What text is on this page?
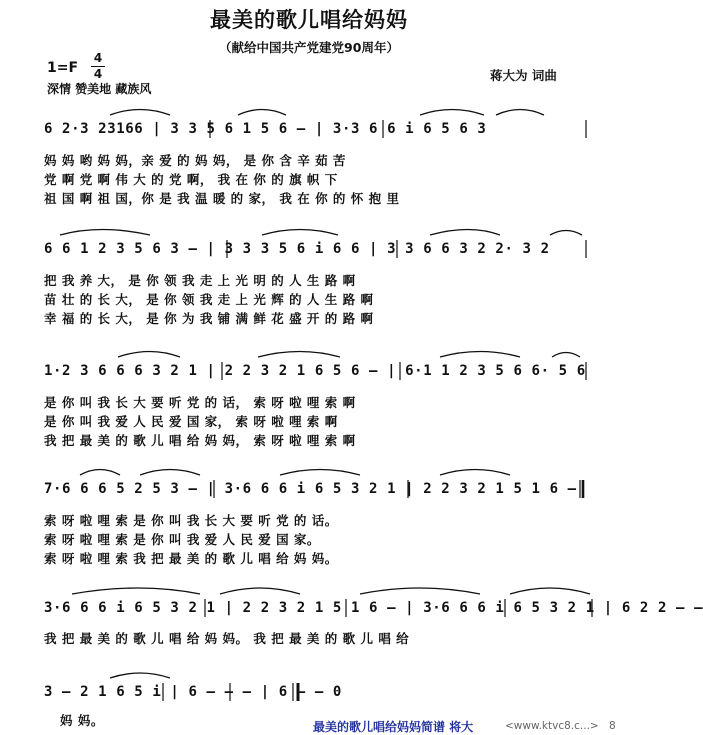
最美的歌儿唱给妈妈
（献给中国共产党建党90周年）
1=F
4
4	蒋大为 词曲
深情 赞美地 藏族风
6 2·3 23166 | 3 3 5 6 1 5 6 – | 3·3 6 6 i 6 5 6 3
妈 妈 哟 妈 妈，亲 爱 的 妈 妈， 是 你 含 辛 茹 苦
党 啊 党 啊 伟 大 的 党 啊， 我 在 你 的 旗 帜 下
祖 国 啊 祖 国，你 是 我 温 暖 的 家， 我 在 你 的 怀 抱 里
6 6 1 2 3 5 6 3 – | 3 3 3 5 6 i 6 6 | 3 3 6 6 3 2 2· 3 2
把 我 养 大， 是 你 领 我 走 上 光 明 的 人 生 路 啊
苗 壮 的 长 大， 是 你 领 我 走 上 光 辉 的 人 生 路 啊
幸 福 的 长 大， 是 你 为 我 铺 满 鲜 花 盛 开 的 路 啊
1·2 3 6 6 6 3 2 1 | 2 2 3 2 1 6 5 6 – | 6·1 1 2 3 5 6 6· 5 6
是 你 叫 我 长 大 要 听 党 的 话， 索 呀 啦 哩 索 啊
是 你 叫 我 爱 人 民 爱 国 家， 索 呀 啦 哩 索 啊
我 把 最 美 的 歌 儿 唱 给 妈 妈， 索 呀 啦 哩 索 啊
7·6 6 6 5 2 5 3 – | 3·6 6 6 i 6 5 3 2 1 | 2 2 3 2 1 5 1 6 –
索 呀 啦 哩 索 是 你 叫 我 长 大 要 听 党 的 话。
索 呀 啦 哩 索 是 你 叫 我 爱 人 民 爱 国 家。
索 呀 啦 哩 索 我 把 最 美 的 歌 儿 唱 给 妈 妈。
3·6 6 6 i 6 5 3 2 1 | 2 2 3 2 1 5 1 6 – | 3·6 6 6 i 6 5 3 2 1 | 6 2 2 – –
我 把 最 美 的 歌 儿 唱 给 妈 妈。 我 把 最 美 的 歌 儿 唱 给
3 – 2 1 6 5 i | 6 – – – | 6 – – 0
妈 妈。	最美的歌儿唱给妈妈简谱 将大	<www.ktvc8.c...> 8
